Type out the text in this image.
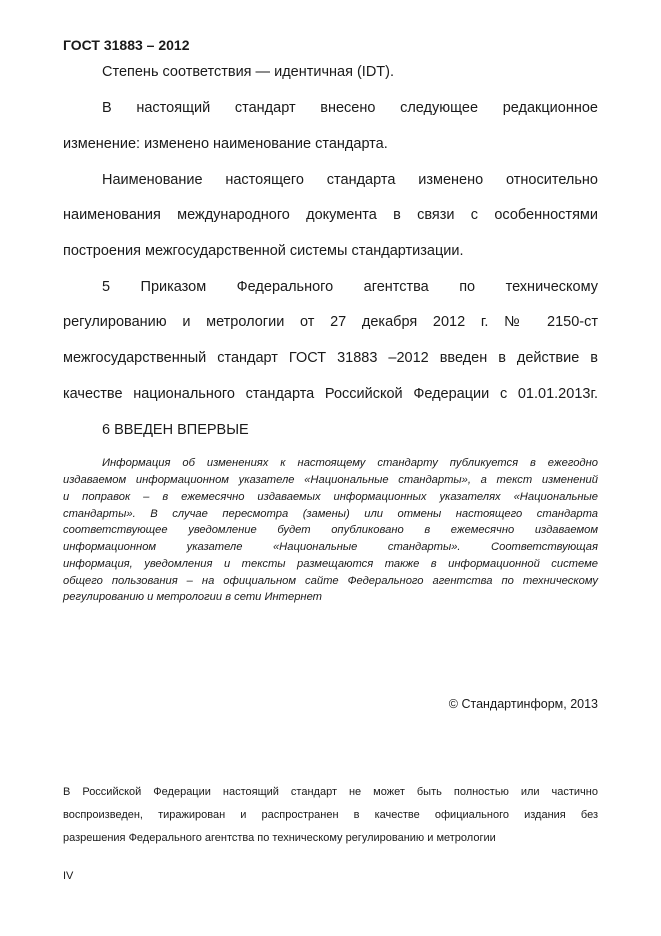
ГОСТ 31883 – 2012
Степень соответствия — идентичная (IDT).
В настоящий стандарт внесено следующее редакционное
изменение: изменено наименование стандарта.
Наименование настоящего стандарта изменено относительно
наименования международного документа в связи с особенностями
построения межгосударственной системы стандартизации.
5 Приказом Федерального агентства по техническому
регулированию и метрологии от 27 декабря 2012 г. № 2150-ст
межгосударственный стандарт ГОСТ 31883 –2012 введен в действие в
качестве национального стандарта Российской Федерации с 01.01.2013г.
6 ВВЕДЕН ВПЕРВЫЕ
Информация об изменениях к настоящему стандарту публикуется в ежегодно
издаваемом информационном указателе «Национальные стандарты», а текст изменений
и поправок – в ежемесячно издаваемых информационных указателях «Национальные
стандарты». В случае пересмотра (замены) или отмены настоящего стандарта
соответствующее уведомление будет опубликовано в ежемесячно издаваемом
информационном указателе «Национальные стандарты». Соответствующая
информация, уведомления и тексты размещаются также в информационной системе
общего пользования – на официальном сайте Федерального агентства по техническому
регулированию и метрологии в сети Интернет
© Стандартинформ, 2013
В Российской Федерации настоящий стандарт не может быть полностью или частично
воспроизведен, тиражирован и распространен в качестве официального издания без
разрешения Федерального агентства по техническому регулированию и метрологии
IV
